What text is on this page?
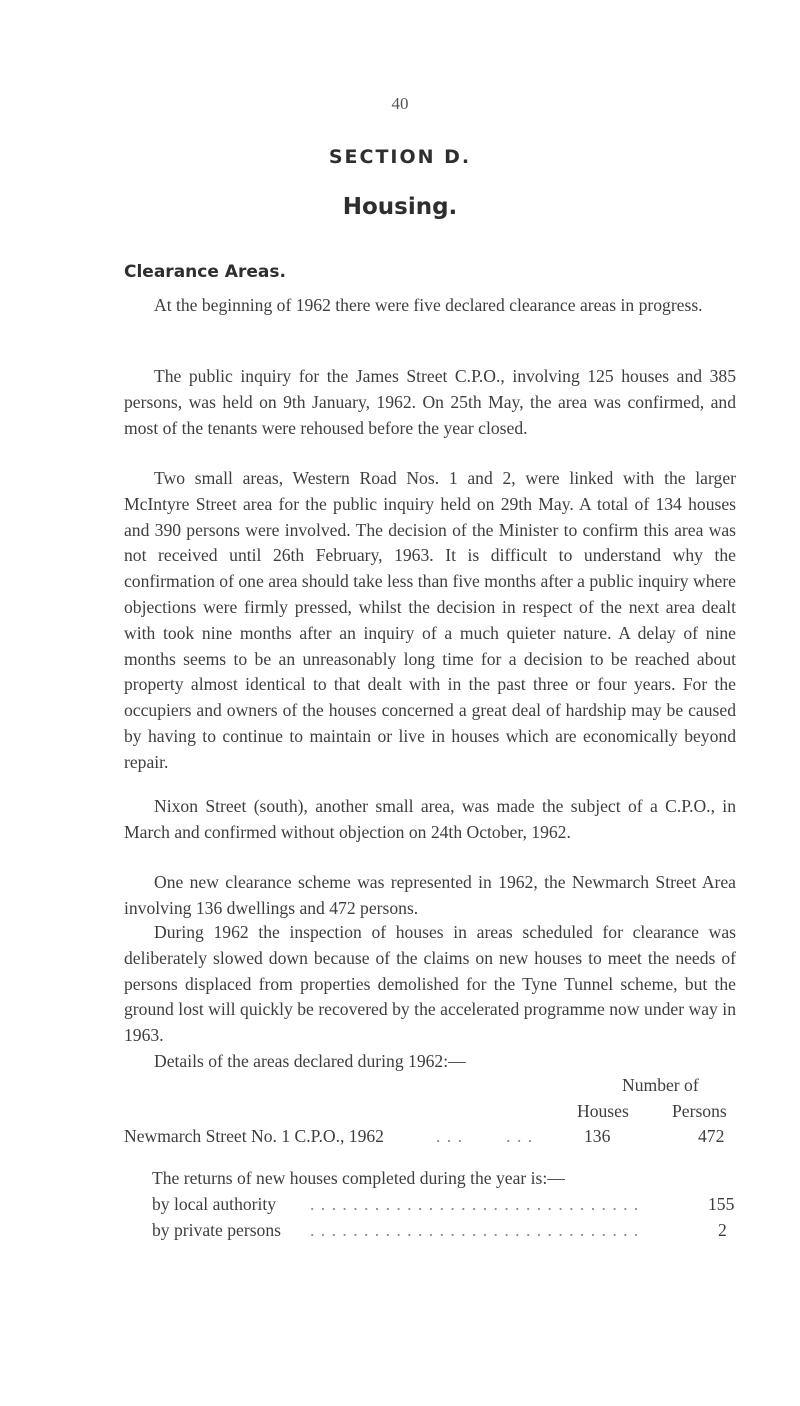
40
SECTION D.
Housing.
Clearance Areas.

At the beginning of 1962 there were five declared clearance areas in progress.

The public inquiry for the James Street C.P.O., involving 125 houses and 385 persons, was held on 9th January, 1962. On 25th May, the area was confirmed, and most of the tenants were rehoused before the year closed.

Two small areas, Western Road Nos. 1 and 2, were linked with the larger McIntyre Street area for the public inquiry held on 29th May. A total of 134 houses and 390 persons were involved. The decision of the Minister to confirm this area was not received until 26th February, 1963. It is difficult to understand why the confirmation of one area should take less than five months after a public inquiry where objections were firmly pressed, whilst the decision in respect of the next area dealt with took nine months after an inquiry of a much quieter nature. A delay of nine months seems to be an unreasonably long time for a decision to be reached about property almost identical to that dealt with in the past three or four years. For the occupiers and owners of the houses concerned a great deal of hardship may be caused by having to continue to maintain or live in houses which are economically beyond repair.

Nixon Street (south), another small area, was made the subject of a C.P.O., in March and confirmed without objection on 24th October, 1962.

One new clearance scheme was represented in 1962, the Newmarch Street Area involving 136 dwellings and 472 persons.

During 1962 the inspection of houses in areas scheduled for clearance was deliberately slowed down because of the claims on new houses to meet the needs of persons displaced from properties demolished for the Tyne Tunnel scheme, but the ground lost will quickly be recovered by the accelerated programme now under way in 1963.

Details of the areas declared during 1962:—

Number of
Houses Persons
Newmarch Street No. 1 C.P.O., 1962	. . .        . . .	136	472
The returns of new houses completed during the year is:—
by local authority . . . . . . . . . . . . . . . . . . . . . . . . . . . . . . .	155
by private persons . . . . . . . . . . . . . . . . . . . . . . . . . . . . . . .	2
